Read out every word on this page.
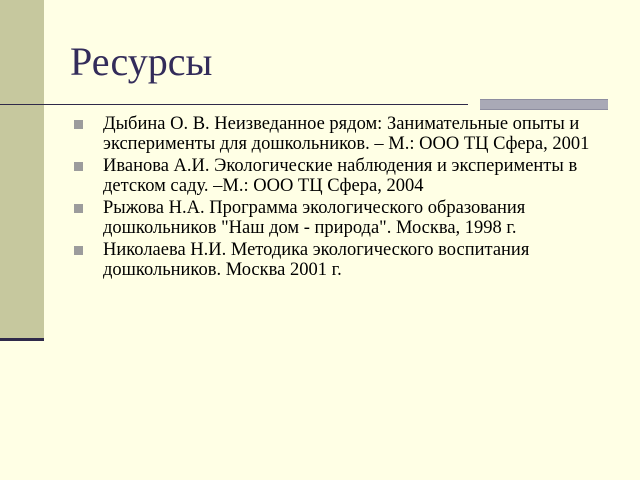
Ресурсы
Дыбина О. В. Неизведанное рядом: Занимательные опыты и эксперименты для дошкольников. – М.: ООО ТЦ Сфера, 2001
Иванова А.И. Экологические наблюдения и эксперименты в детском саду. –М.: ООО ТЦ Сфера, 2004
Рыжова Н.А. Программа экологического образования дошкольников "Наш дом - природа". Москва, 1998 г.
Николаева Н.И. Методика экологического воспитания дошкольников. Москва 2001 г.
